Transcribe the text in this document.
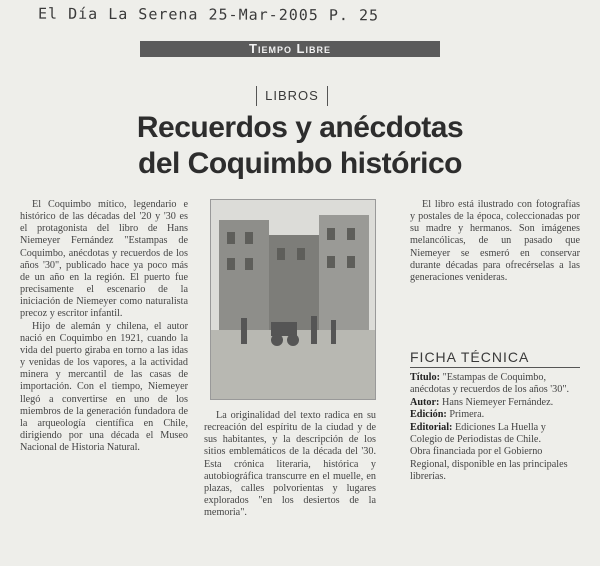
El Día La Serena 25-Mar-2005 P. 25
Tiempo Libre
LIBROS
Recuerdos y anécdotas
del Coquimbo histórico

El Coquimbo mítico, legendario e histórico de las décadas del '20 y '30 es el protagonista del libro de Hans Niemeyer Fernández "Estampas de Coquimbo, anécdotas y recuerdos de los años '30", publicado hace ya poco más de un año en la región. El puerto fue precisamente el escenario de la iniciación de Niemeyer como naturalista precoz y escritor infantil.

Hijo de alemán y chilena, el autor nació en Coquimbo en 1921, cuando la vida del puerto giraba en torno a las idas y venidas de los vapores, a la actividad minera y mercantil de las casas de importación. Con el tiempo, Niemeyer llegó a convertirse en uno de los miembros de la generación fundadora de la arqueología científica en Chile, dirigiendo por una década el Museo Nacional de Historia Natural.

La originalidad del texto radica en su recreación del espíritu de la ciudad y de sus habitantes, y la descripción de los sitios emblemáticos de la década del '30. Esta crónica literaria, histórica y autobiográfica transcurre en el muelle, en plazas, calles polvorientas y lugares explorados "en los desiertos de la memoria".

El libro está ilustrado con fotografías y postales de la época, coleccionadas por su madre y hermanos. Son imágenes melancólicas, de un pasado que Niemeyer se esmeró en conservar durante décadas para ofrecérselas a las generaciones venideras.

FICHA TÉCNICA

Título: "Estampas de Coquimbo, anécdotas y recuerdos de los años '30".

Autor: Hans Niemeyer Fernández.

Edición: Primera.

Editorial: Ediciones La Huella y Colegio de Periodistas de Chile.

Obra financiada por el Gobierno Regional, disponible en las principales librerías.
